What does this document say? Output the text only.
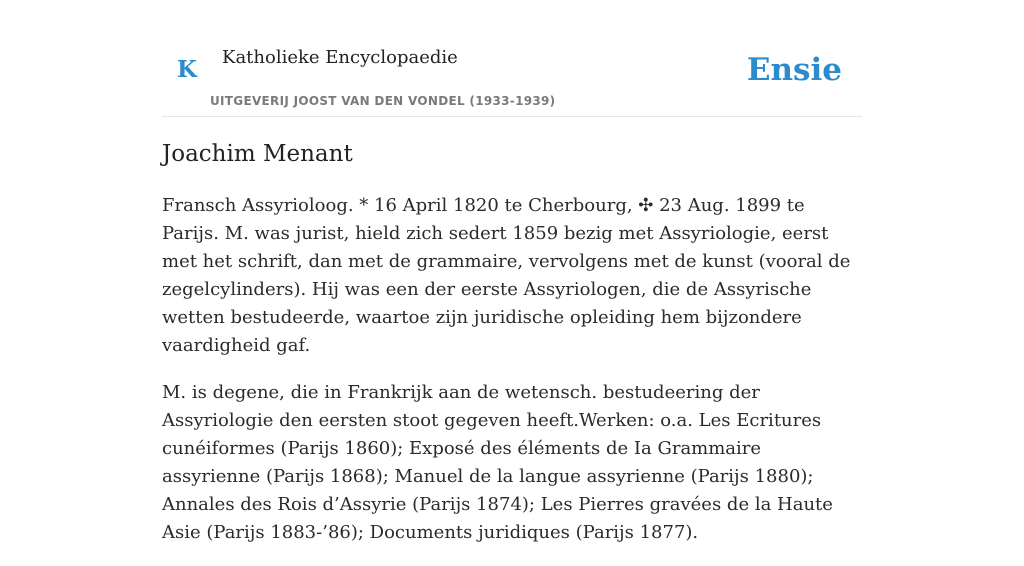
K Katholieke Encyclopaedie
UITGEVERIJ JOOST VAN DEN VONDEL (1933-1939)
Ensie
Joachim Menant

Fransch Assyrioloog. * 16 April 1820 te Cherbourg, ✣ 23 Aug. 1899 te Parijs. M. was jurist, hield zich sedert 1859 bezig met Assyriologie, eerst met het schrift, dan met de grammaire, vervolgens met de kunst (vooral de zegelcylinders). Hij was een der eerste Assyriologen, die de Assyrische wetten bestudeerde, waartoe zijn juridische opleiding hem bijzondere vaardigheid gaf.

M. is degene, die in Frankrijk aan de wetensch. bestudeering der Assyriologie den eersten stoot gegeven heeft.Werken: o.a. Les Ecritures cunéiformes (Parijs 1860); Exposé des éléments de Ia Grammaire assyrienne (Parijs 1868); Manuel de la langue assyrienne (Parijs 1880); Annales des Rois d’Assyrie (Parijs 1874); Les Pierres gravées de la Haute Asie (Parijs 1883-’86); Documents juridiques (Parijs 1877).
